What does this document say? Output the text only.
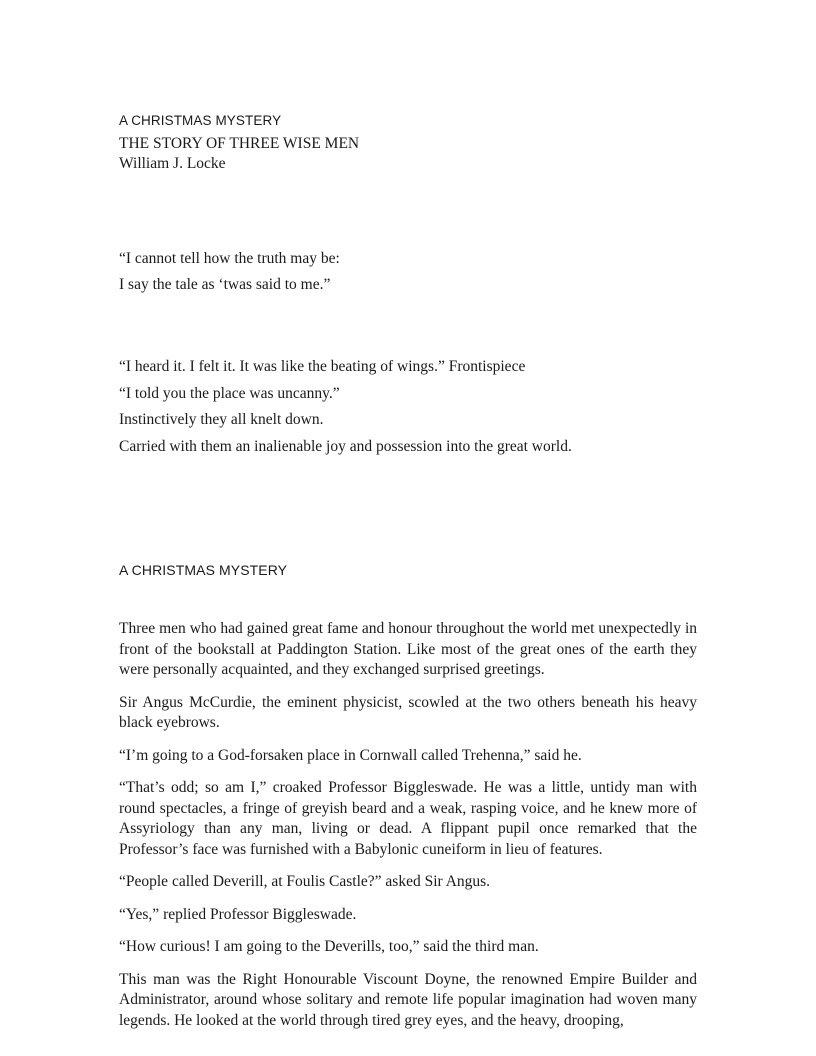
A CHRISTMAS MYSTERY
THE STORY OF THREE WISE MEN
William J. Locke

“I cannot tell how the truth may be:

I say the tale as ‘twas said to me.”

“I heard it. I felt it. It was like the beating of wings.” Frontispiece

“I told you the place was uncanny.”

Instinctively they all knelt down.

Carried with them an inalienable joy and possession into the great world.

A CHRISTMAS MYSTERY

Three men who had gained great fame and honour throughout the world met unexpectedly in front of the bookstall at Paddington Station. Like most of the great ones of the earth they were personally acquainted, and they exchanged surprised greetings.

Sir Angus McCurdie, the eminent physicist, scowled at the two others beneath his heavy black eyebrows.

“I’m going to a God-forsaken place in Cornwall called Trehenna,” said he.

“That’s odd; so am I,” croaked Professor Biggleswade. He was a little, untidy man with round spectacles, a fringe of greyish beard and a weak, rasping voice, and he knew more of Assyriology than any man, living or dead. A flippant pupil once remarked that the Professor’s face was furnished with a Babylonic cuneiform in lieu of features.

“People called Deverill, at Foulis Castle?” asked Sir Angus.

“Yes,” replied Professor Biggleswade.

“How curious! I am going to the Deverills, too,” said the third man.

This man was the Right Honourable Viscount Doyne, the renowned Empire Builder and Administrator, around whose solitary and remote life popular imagination had woven many legends. He looked at the world through tired grey eyes, and the heavy, drooping,
